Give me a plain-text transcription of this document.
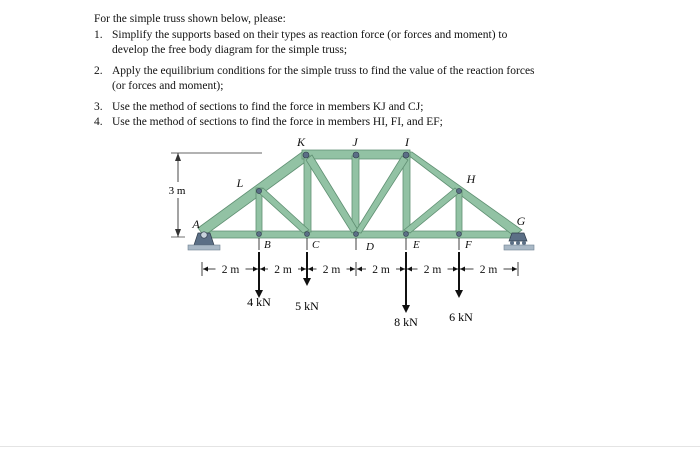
For the simple truss shown below, please:
1. Simplify the supports based on their types as reaction force (or forces and moment) to
develop the free body diagram for the simple truss;
2. Apply the equilibrium conditions for the simple truss to find the value of the reaction forces
(or forces and moment);
3. Use the method of sections to find the force in members KJ and CJ;
4. Use the method of sections to find the force in members HI, FI, and EF;
3 m
K	J	I
H
L
A	G
B	C	D	E	F
2 m	2 m	2 m	2 m	2 m	2 m
4 kN 5 kN
8 kN	6 kN
